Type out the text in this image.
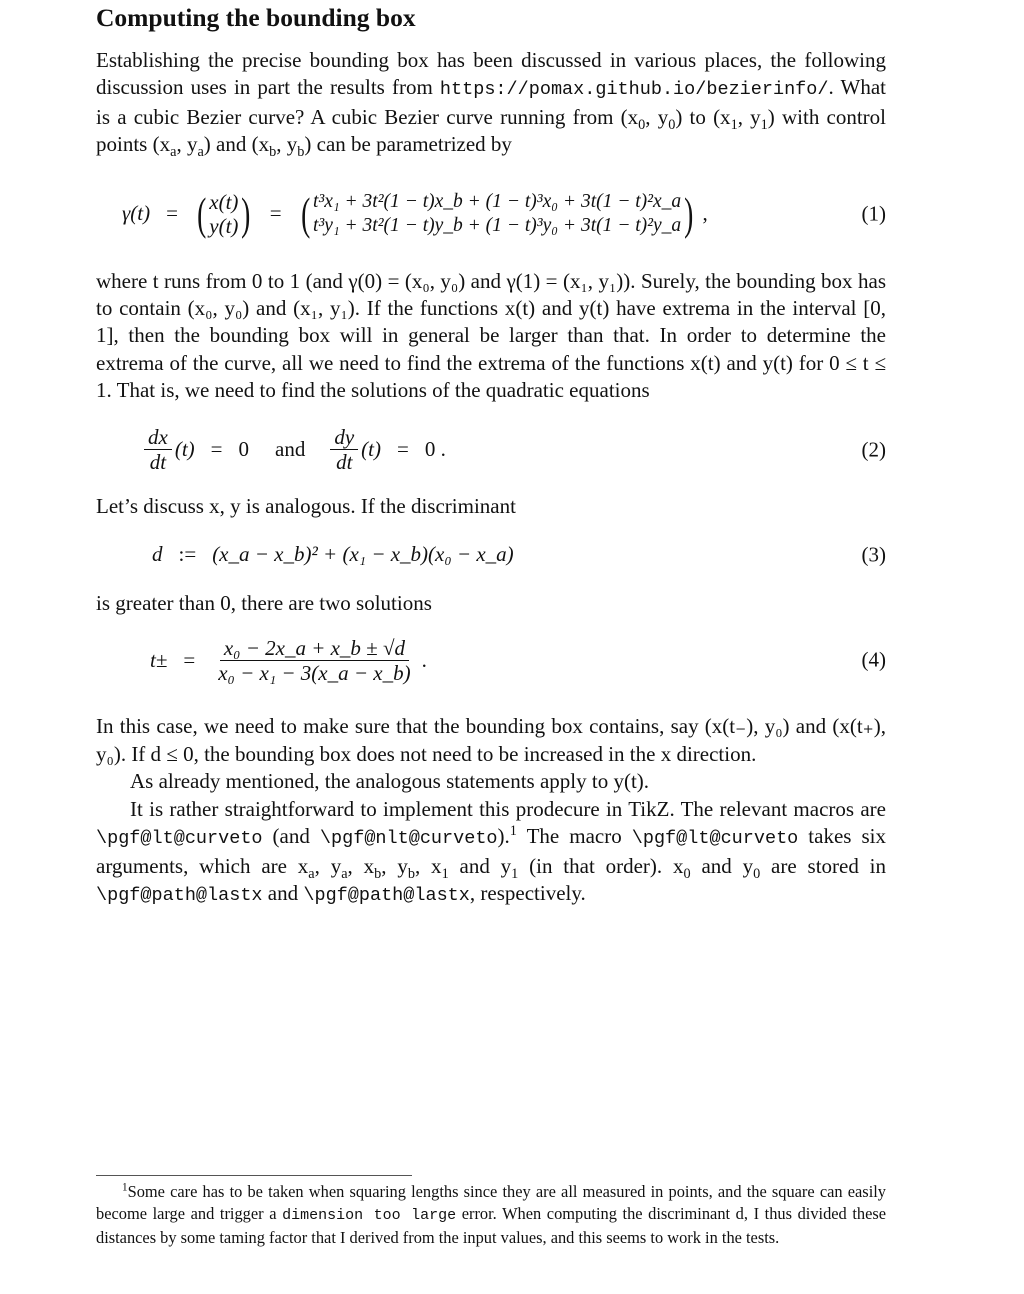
Computing the bounding box

Establishing the precise bounding box has been discussed in various places, the following discussion uses in part the results from https://pomax.github.io/bezierinfo/. What is a cubic Bezier curve? A cubic Bezier curve running from ($x_0$, $y_0$) to ($x_1$, $y_1$) with control points ($x_a$, $y_a$) and ($x_b$, $y_b$) can be parametrized by

γ(t) = ( x(t)
y(t) ) = ( t³x₁ + 3t²(1 − t)x_b + (1 − t)³x₀ + 3t(1 − t)²x_a
t³y₁ + 3t²(1 − t)y_b + (1 − t)³y₀ + 3t(1 − t)²y_a ) ,	(1)

where t runs from 0 to 1 (and γ(0) = (x₀, y₀) and γ(1) = (x₁, y₁)). Surely, the bounding box has to contain (x₀, y₀) and (x₁, y₁). If the functions x(t) and y(t) have extrema in the interval [0, 1], then the bounding box will in general be larger than that. In order to determine the extrema of the curve, all we need to find the extrema of the functions x(t) and y(t) for 0 ≤ t ≤ 1. That is, we need to find the solutions of the quadratic equations

$\frac{dx}{dt} (t) = 0$ and $\frac{dy}{dt} (t) = 0$ .	(2)

Let’s discuss x, y is analogous. If the discriminant

d := (x_a − x_b)² + (x₁ − x_b)(x₀ − x_a)	(3)

is greater than 0, there are two solutions

$t\pm = \frac{\text{x₀ − 2x\_a + x\_b ± √d}}{\text{x₀ − x₁ − 3(x\_a − x\_b)}}$ .	(4)

In this case, we need to make sure that the bounding box contains, say (x(t₋), y₀) and (x(t₊), y₀). If d ≤ 0, the bounding box does not need to be increased in the x direction.

As already mentioned, the analogous statements apply to y(t).

It is rather straightforward to implement this prodecure in TikZ. The relevant macros are \pgf@lt@curveto (and \pgf@nlt@curveto).$^1$ The macro \pgf@lt@curveto takes six arguments, which are $x_a$, $y_a$, $x_b$, $y_b$, $x_1$ and $y_1$ (in that order). $x_0$ and $y_0$ are stored in \pgf@path@lastx and \pgf@path@lastx, respectively.

$^1$Some care has to be taken when squaring lengths since they are all measured in points, and the square can easily become large and trigger a dimension too large error. When computing the discriminant d, I thus divided these distances by some taming factor that I derived from the input values, and this seems to work in the tests.
